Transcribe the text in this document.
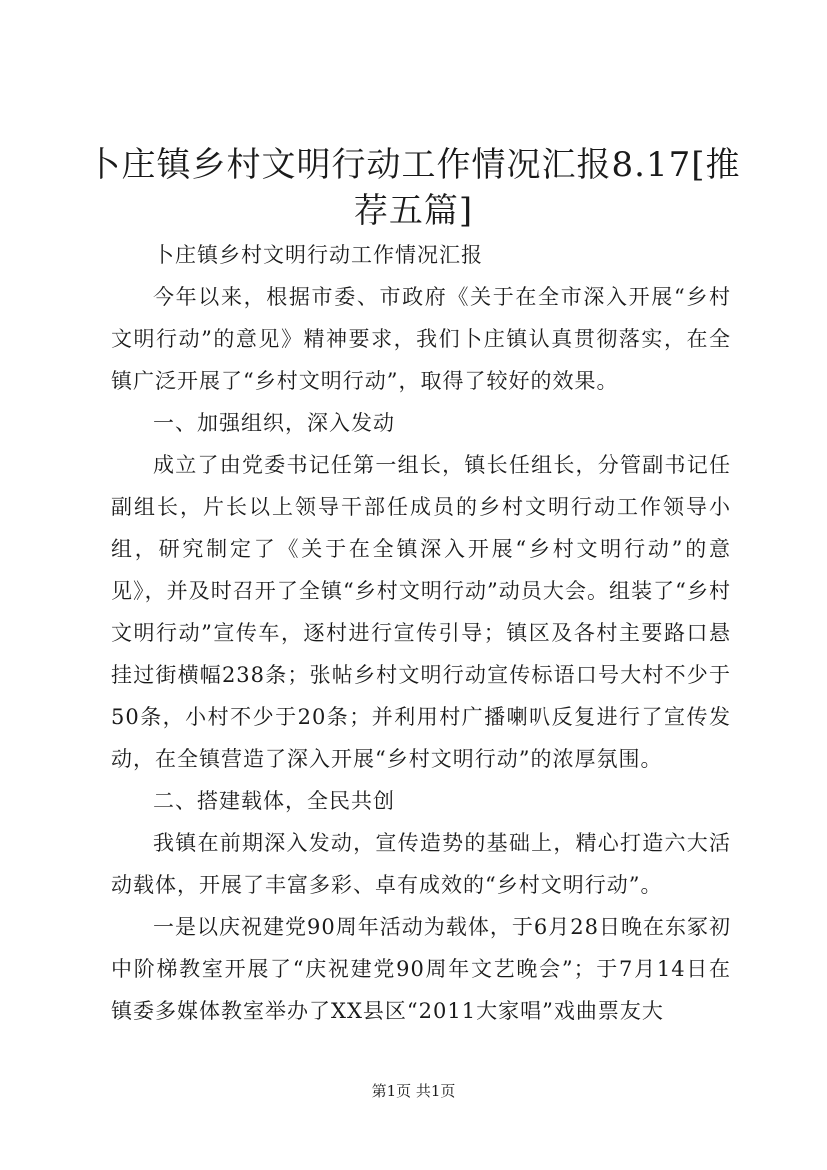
卜庄镇乡村文明行动工作情况汇报8.17[推荐五篇]

卜庄镇乡村文明行动工作情况汇报

今年以来，根据市委、市政府《关于在全市深入开展“乡村文明行动”的意见》精神要求，我们卜庄镇认真贯彻落实，在全镇广泛开展了“乡村文明行动”，取得了较好的效果。

一、加强组织，深入发动

成立了由党委书记任第一组长，镇长任组长，分管副书记任副组长，片长以上领导干部任成员的乡村文明行动工作领导小组，研究制定了《关于在全镇深入开展“乡村文明行动”的意见》，并及时召开了全镇“乡村文明行动”动员大会。组装了“乡村文明行动”宣传车，逐村进行宣传引导；镇区及各村主要路口悬挂过街横幅238条；张帖乡村文明行动宣传标语口号大村不少于50条，小村不少于20条；并利用村广播喇叭反复进行了宣传发动，在全镇营造了深入开展“乡村文明行动”的浓厚氛围。

二、搭建载体，全民共创

我镇在前期深入发动，宣传造势的基础上，精心打造六大活动载体，开展了丰富多彩、卓有成效的“乡村文明行动”。

一是以庆祝建党90周年活动为载体，于6月28日晚在东冢初中阶梯教室开展了“庆祝建党90周年文艺晚会”；于7月14日在镇委多媒体教室举办了XX县区“2011大家唱”戏曲票友大

第1页 共1页
